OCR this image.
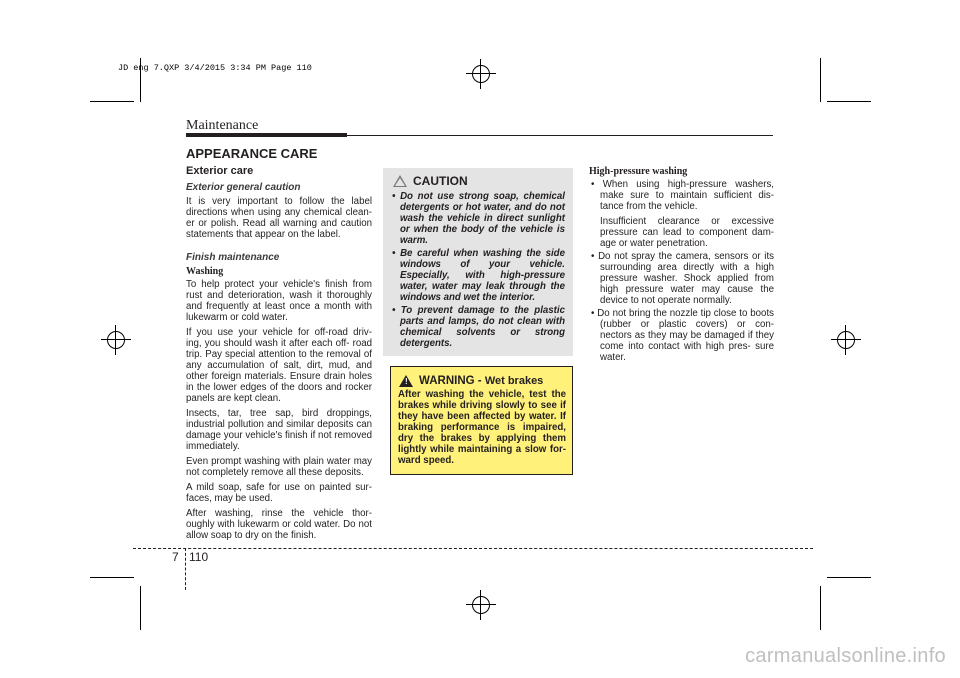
JD eng 7.QXP 3/4/2015 3:34 PM Page 110
Maintenance
APPEARANCE CARE
Exterior care
Exterior general caution

It is very important to follow the label directions when using any chemical clean- er or polish. Read all warning and caution statements that appear on the label.

Finish maintenance
Washing

To help protect your vehicle's finish from rust and deterioration, wash it thoroughly and frequently at least once a month with lukewarm or cold water.

If you use your vehicle for off-road driv- ing, you should wash it after each off- road trip. Pay special attention to the removal of any accumulation of salt, dirt, mud, and other foreign materials. Ensure drain holes in the lower edges of the doors and rocker panels are kept clean.

Insects, tar, tree sap, bird droppings, industrial pollution and similar deposits can damage your vehicle's finish if not removed immediately.

Even prompt washing with plain water may not completely remove all these deposits.

A mild soap, safe for use on painted sur- faces, may be used.

After washing, rinse the vehicle thor- oughly with lukewarm or cold water. Do not allow soap to dry on the finish.

CAUTION
• Do not use strong soap, chemical detergents or hot water, and do not wash the vehicle in direct sunlight or when the body of the vehicle is warm.
• Be careful when washing the side windows of your vehicle. Especially, with high-pressure water, water may leak through the windows and wet the interior.
• To prevent damage to the plastic parts and lamps, do not clean with chemical solvents or strong detergents.
! WARNING - Wet brakes

After washing the vehicle, test the brakes while driving slowly to see if they have been affected by water. If braking performance is impaired, dry the brakes by applying them lightly while maintaining a slow for- ward speed.

High-pressure washing
• When using high-pressure washers, make sure to maintain sufficient dis- tance from the vehicle.

Insufficient clearance or excessive pressure can lead to component dam- age or water penetration.

• Do not spray the camera, sensors or its surrounding area directly with a high pressure washer. Shock applied from high pressure water may cause the device to not operate normally.
• Do not bring the nozzle tip close to boots (rubber or plastic covers) or con- nectors as they may be damaged if they come into contact with high pres- sure water.
7 110
carmanualsonline.info
